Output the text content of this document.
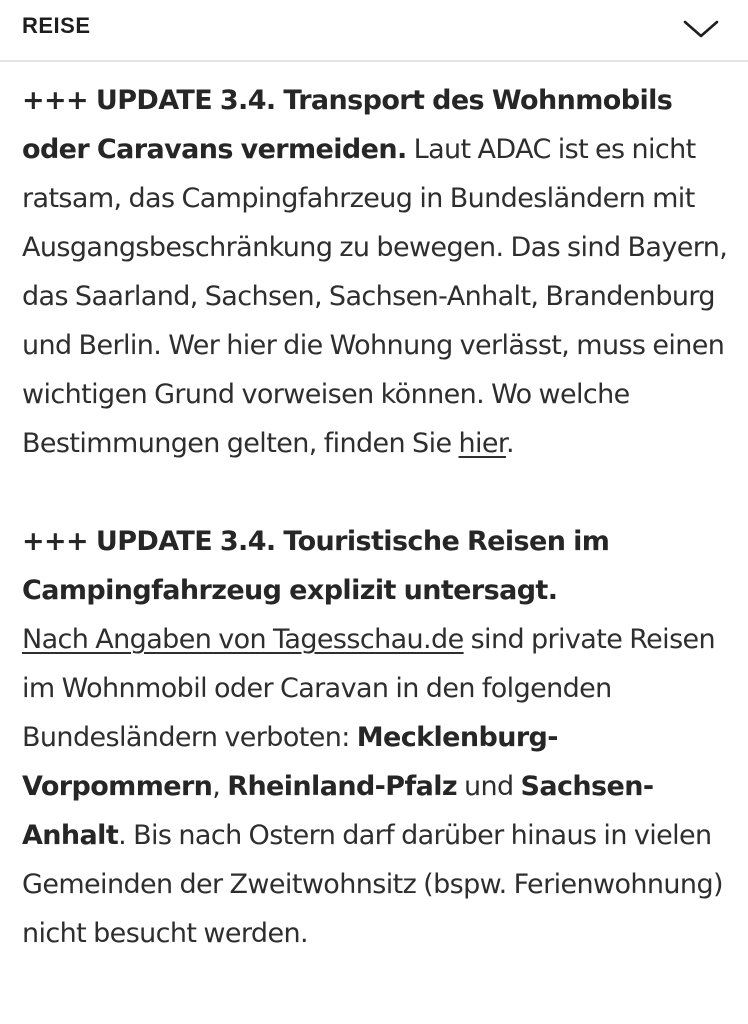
REISE

+++ UPDATE 3.4. Transport des Wohnmobils oder Caravans vermeiden. Laut ADAC ist es nicht ratsam, das Campingfahrzeug in Bundesländern mit Ausgangsbeschränkung zu bewegen. Das sind Bayern, das Saarland, Sachsen, Sachsen-Anhalt, Brandenburg und Berlin. Wer hier die Wohnung verlässt, muss einen wichtigen Grund vorweisen können. Wo welche Bestimmungen gelten, finden Sie hier.

+++ UPDATE 3.4. Touristische Reisen im Campingfahrzeug explizit untersagt.
Nach Angaben von Tagesschau.de sind private Reisen im Wohnmobil oder Caravan in den folgenden Bundesländern verboten: Mecklenburg-Vorpommern, Rheinland-Pfalz und Sachsen-Anhalt. Bis nach Ostern darf darüber hinaus in vielen Gemeinden der Zweitwohnsitz (bspw. Ferienwohnung) nicht besucht werden.
